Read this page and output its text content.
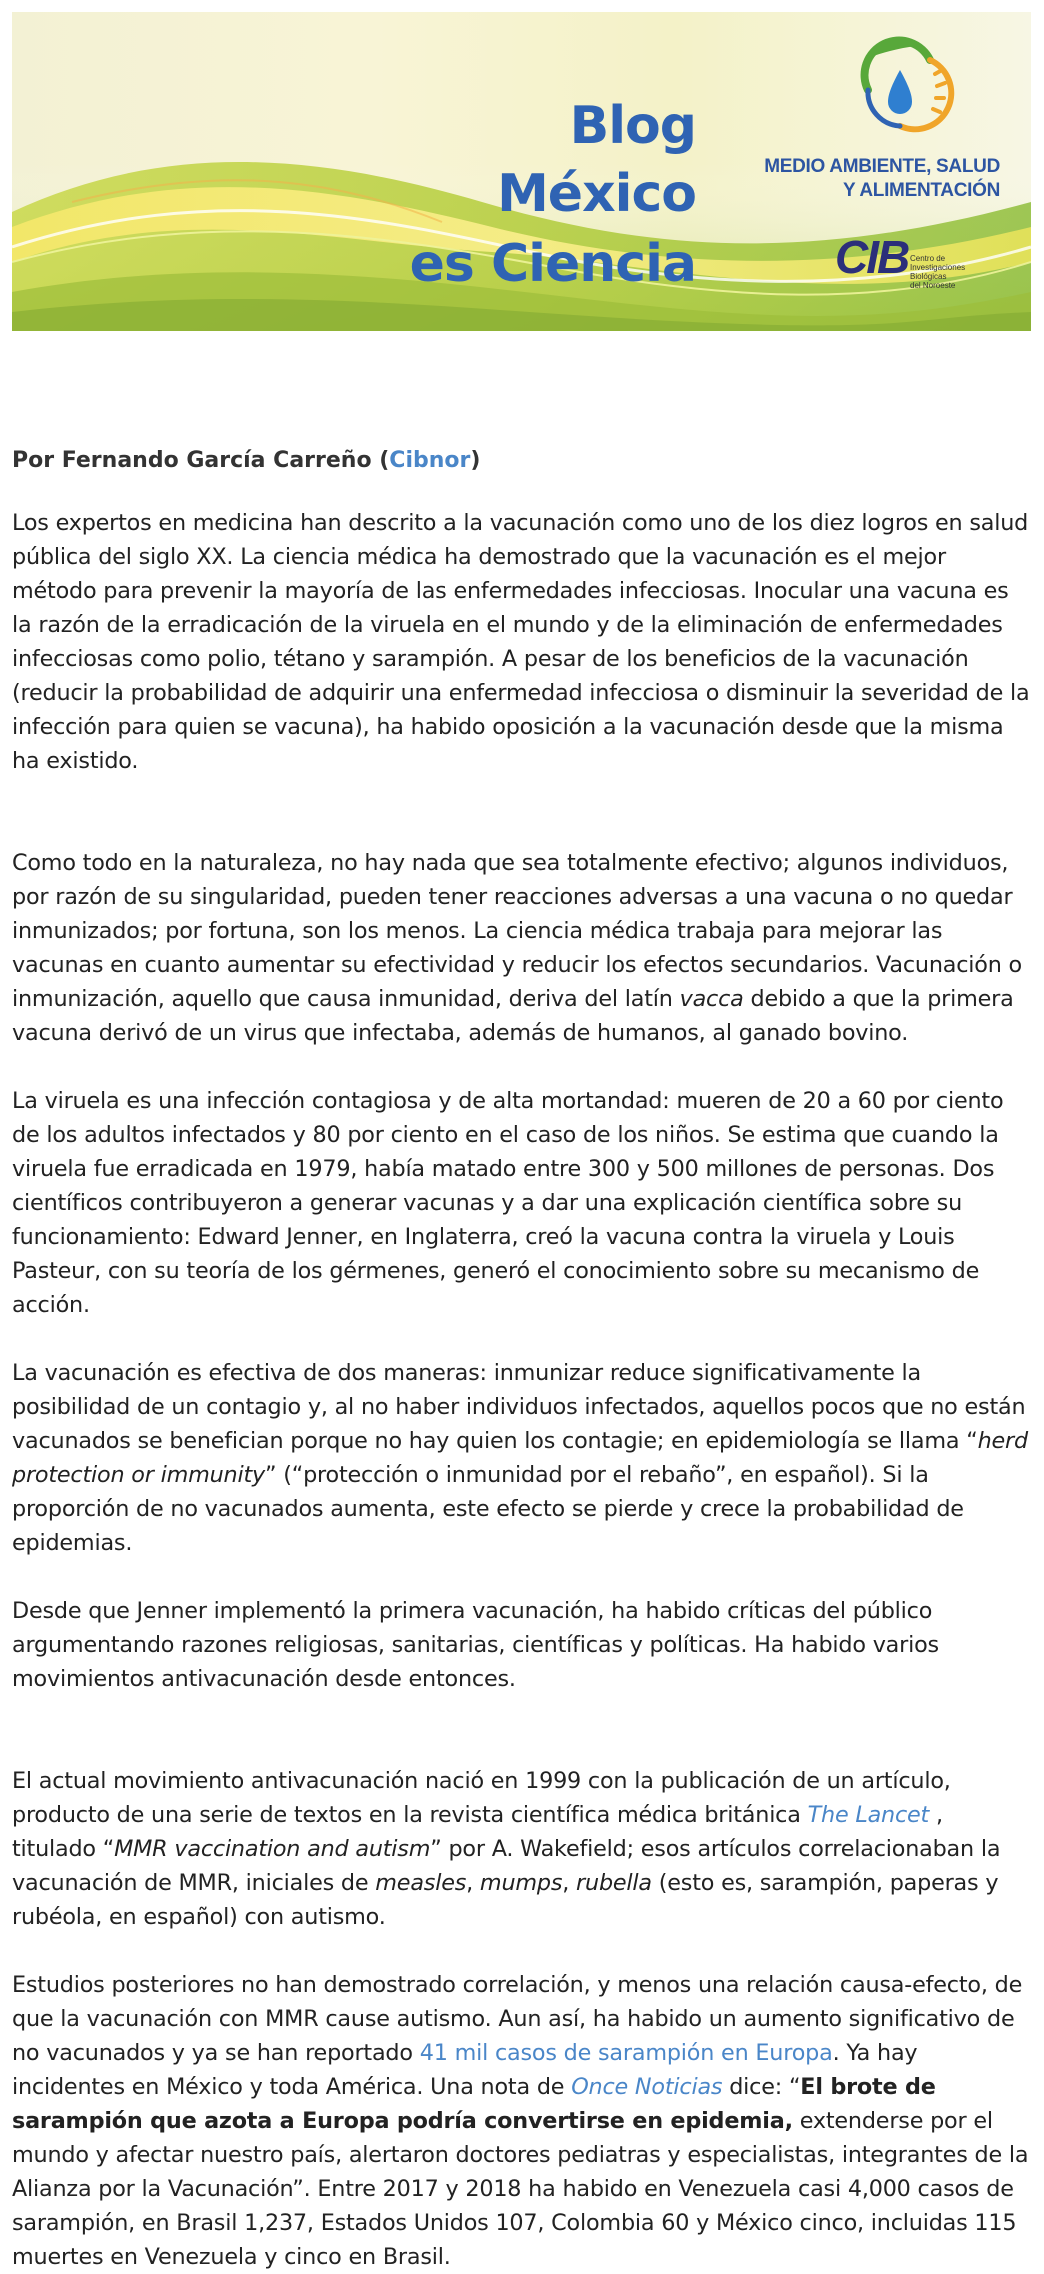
Blog
México
es Ciencia
MEDIO AMBIENTE, SALUD
Y ALIMENTACIÓN
CIB Centro de
Investigaciones
Biológicas
del Noroeste

Por Fernando García Carreño (Cibnor)

Los expertos en medicina han descrito a la vacunación como uno de los diez logros en salud pública del siglo XX. La ciencia médica ha demostrado que la vacunación es el mejor método para prevenir la mayoría de las enfermedades infecciosas. Inocular una vacuna es la razón de la erradicación de la viruela en el mundo y de la eliminación de enfermedades infecciosas como polio, tétano y sarampión. A pesar de los beneficios de la vacunación (reducir la probabilidad de adquirir una enfermedad infecciosa o disminuir la severidad de la infección para quien se vacuna), ha habido oposición a la vacunación desde que la misma ha existido.

Como todo en la naturaleza, no hay nada que sea totalmente efectivo; algunos individuos, por razón de su singularidad, pueden tener reacciones adversas a una vacuna o no quedar inmunizados; por fortuna, son los menos. La ciencia médica trabaja para mejorar las vacunas en cuanto aumentar su efectividad y reducir los efectos secundarios. Vacunación o inmunización, aquello que causa inmunidad, deriva del latín vacca debido a que la primera vacuna derivó de un virus que infectaba, además de humanos, al ganado bovino.

La viruela es una infección contagiosa y de alta mortandad: mueren de 20 a 60 por ciento de los adultos infectados y 80 por ciento en el caso de los niños. Se estima que cuando la viruela fue erradicada en 1979, había matado entre 300 y 500 millones de personas. Dos científicos contribuyeron a generar vacunas y a dar una explicación científica sobre su funcionamiento: Edward Jenner, en Inglaterra, creó la vacuna contra la viruela y Louis Pasteur, con su teoría de los gérmenes, generó el conocimiento sobre su mecanismo de acción.

La vacunación es efectiva de dos maneras: inmunizar reduce significativamente la posibilidad de un contagio y, al no haber individuos infectados, aquellos pocos que no están vacunados se benefician porque no hay quien los contagie; en epidemiología se llama “herd protection or immunity” (“protección o inmunidad por el rebaño”, en español). Si la proporción de no vacunados aumenta, este efecto se pierde y crece la probabilidad de epidemias.

Desde que Jenner implementó la primera vacunación, ha habido críticas del público argumentando razones religiosas, sanitarias, científicas y políticas. Ha habido varios movimientos antivacunación desde entonces.

El actual movimiento antivacunación nació en 1999 con la publicación de un artículo, producto de una serie de textos en la revista científica médica británica The Lancet , titulado “MMR vaccination and autism” por A. Wakefield; esos artículos correlacionaban la vacunación de MMR, iniciales de measles, mumps, rubella (esto es, sarampión, paperas y rubéola, en español) con autismo.

Estudios posteriores no han demostrado correlación, y menos una relación causa-efecto, de que la vacunación con MMR cause autismo. Aun así, ha habido un aumento significativo de no vacunados y ya se han reportado 41 mil casos de sarampión en Europa. Ya hay incidentes en México y toda América. Una nota de Once Noticias dice: “El brote de sarampión que azota a Europa podría convertirse en epidemia, extenderse por el mundo y afectar nuestro país, alertaron doctores pediatras y especialistas, integrantes de la Alianza por la Vacunación”. Entre 2017 y 2018 ha habido en Venezuela casi 4,000 casos de sarampión, en Brasil 1,237, Estados Unidos 107, Colombia 60 y México cinco, incluidas 115 muertes en Venezuela y cinco en Brasil.
